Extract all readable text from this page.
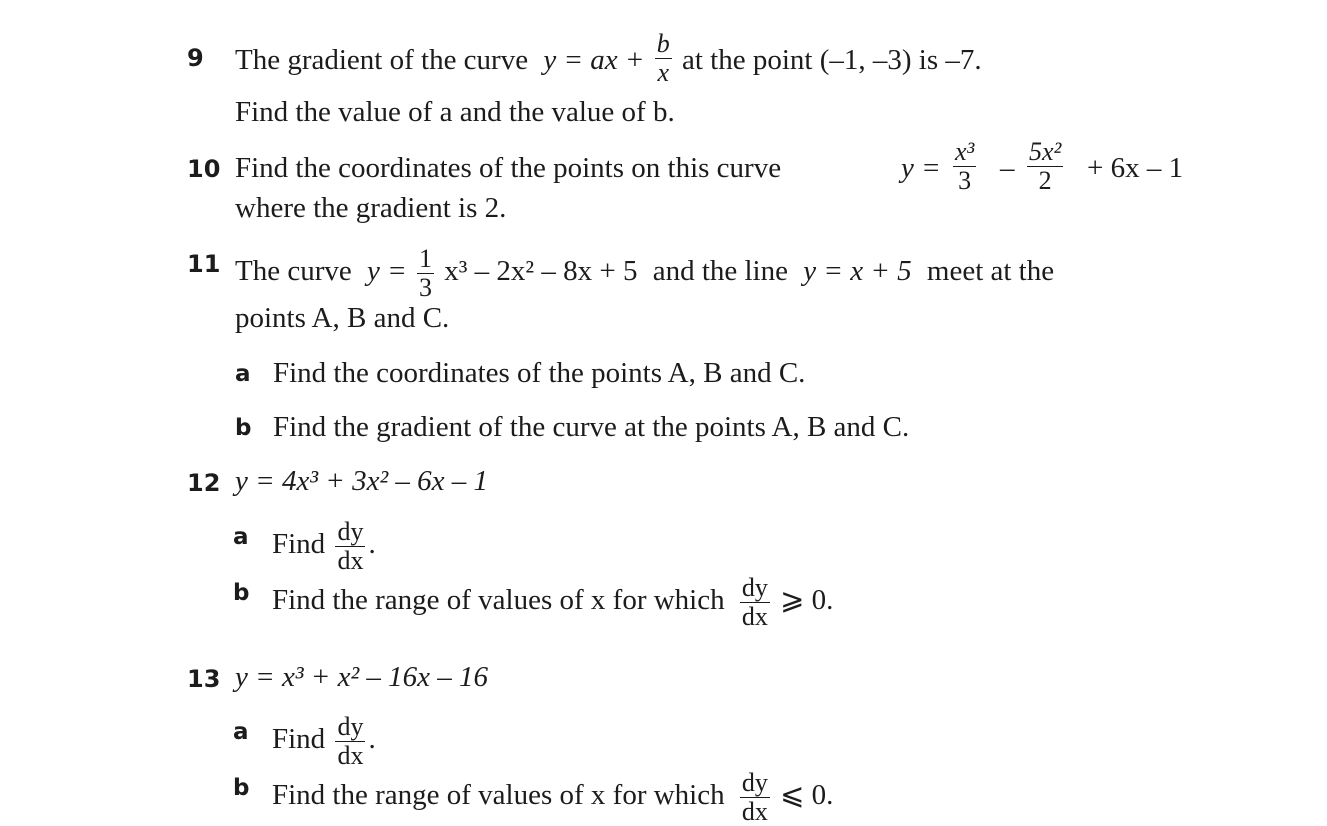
9 The gradient of the curve y = ax + $\frac{b}{x}$ at the point (–1, –3) is –7.
Find the value of a and the value of b.
10 Find the coordinates of the points on this curve	$y = \frac{\text{x³}}{3} - \frac{\text{5x²}}{2} + 6x - 1$
where the gradient is 2.
11 The curve $y = \frac{1}{3} x^3 - 2x^2 - 8x + 5$ and the line y = x + 5 meet at the
points A, B and C.
a Find the coordinates of the points A, B and C.
b Find the gradient of the curve at the points A, B and C.
12 y = 4x³ + 3x² – 6x – 1
a Find $\frac{dy}{dx}$ .
b Find the range of values of x for which $\frac{dy}{dx}$ ⩾ 0.
13 y = x³ + x² – 16x – 16
a Find $\frac{dy}{dx}$ .
b Find the range of values of x for which $\frac{dy}{dx}$ ⩽ 0.
